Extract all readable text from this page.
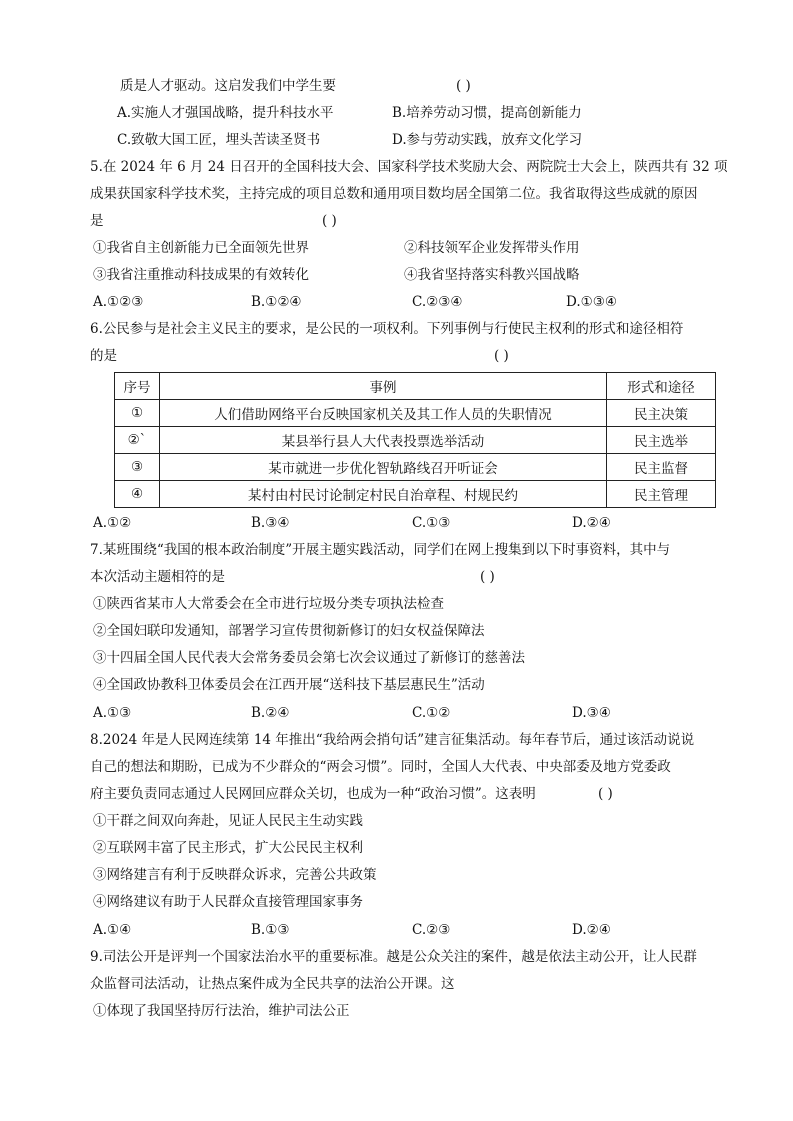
质是人才驱动。这启发我们中学生要	( )
A.实施人才强国战略，提升科技水平	B.培养劳动习惯，提高创新能力
C.致敬大国工匠，埋头苦读圣贤书	D.参与劳动实践，放弃文化学习
5.在 2024 年 6 月 24 日召开的全国科技大会、国家科学技术奖励大会、两院院士大会上，陕西共有 32 项
成果获国家科学技术奖，主持完成的项目总数和通用项目数均居全国第二位。我省取得这些成就的原因
是	( )
①我省自主创新能力已全面领先世界	②科技领军企业发挥带头作用
③我省注重推动科技成果的有效转化	④我省坚持落实科教兴国战略
A.①②③	B.①②④	C.②③④	D.①③④
6.公民参与是社会主义民主的要求，是公民的一项权利。下列事例与行使民主权利的形式和途径相符
的是	( )
序号	事例	形式和途径
①	人们借助网络平台反映国家机关及其工作人员的失职情况	民主决策
②`	某县举行县人大代表投票选举活动	民主选举
③	某市就进一步优化智轨路线召开听证会	民主监督
④	某村由村民讨论制定村民自治章程、村规民约	民主管理
A.①②	B.③④	C.①③	D.②④
7.某班围绕“我国的根本政治制度”开展主题实践活动，同学们在网上搜集到以下时事资料，其中与
本次活动主题相符的是	( )
①陕西省某市人大常委会在全市进行垃圾分类专项执法检查
②全国妇联印发通知，部署学习宣传贯彻新修订的妇女权益保障法
③十四届全国人民代表大会常务委员会第七次会议通过了新修订的慈善法
④全国政协教科卫体委员会在江西开展“送科技下基层惠民生”活动
A.①③	B.②④	C.①②	D.③④
8.2024 年是人民网连续第 14 年推出“我给两会捎句话”建言征集活动。每年春节后，通过该活动说说
自己的想法和期盼，已成为不少群众的“两会习惯”。同时，全国人大代表、中央部委及地方党委政
府主要负责同志通过人民网回应群众关切，也成为一种“政治习惯”。这表明	( )
①干群之间双向奔赴，见证人民民主生动实践
②互联网丰富了民主形式，扩大公民民主权利
③网络建言有利于反映群众诉求，完善公共政策
④网络建议有助于人民群众直接管理国家事务
A.①④	B.①③	C.②③	D.②④
9.司法公开是评判一个国家法治水平的重要标准。越是公众关注的案件，越是依法主动公开，让人民群
众监督司法活动，让热点案件成为全民共享的法治公开课。这
①体现了我国坚持厉行法治，维护司法公正
